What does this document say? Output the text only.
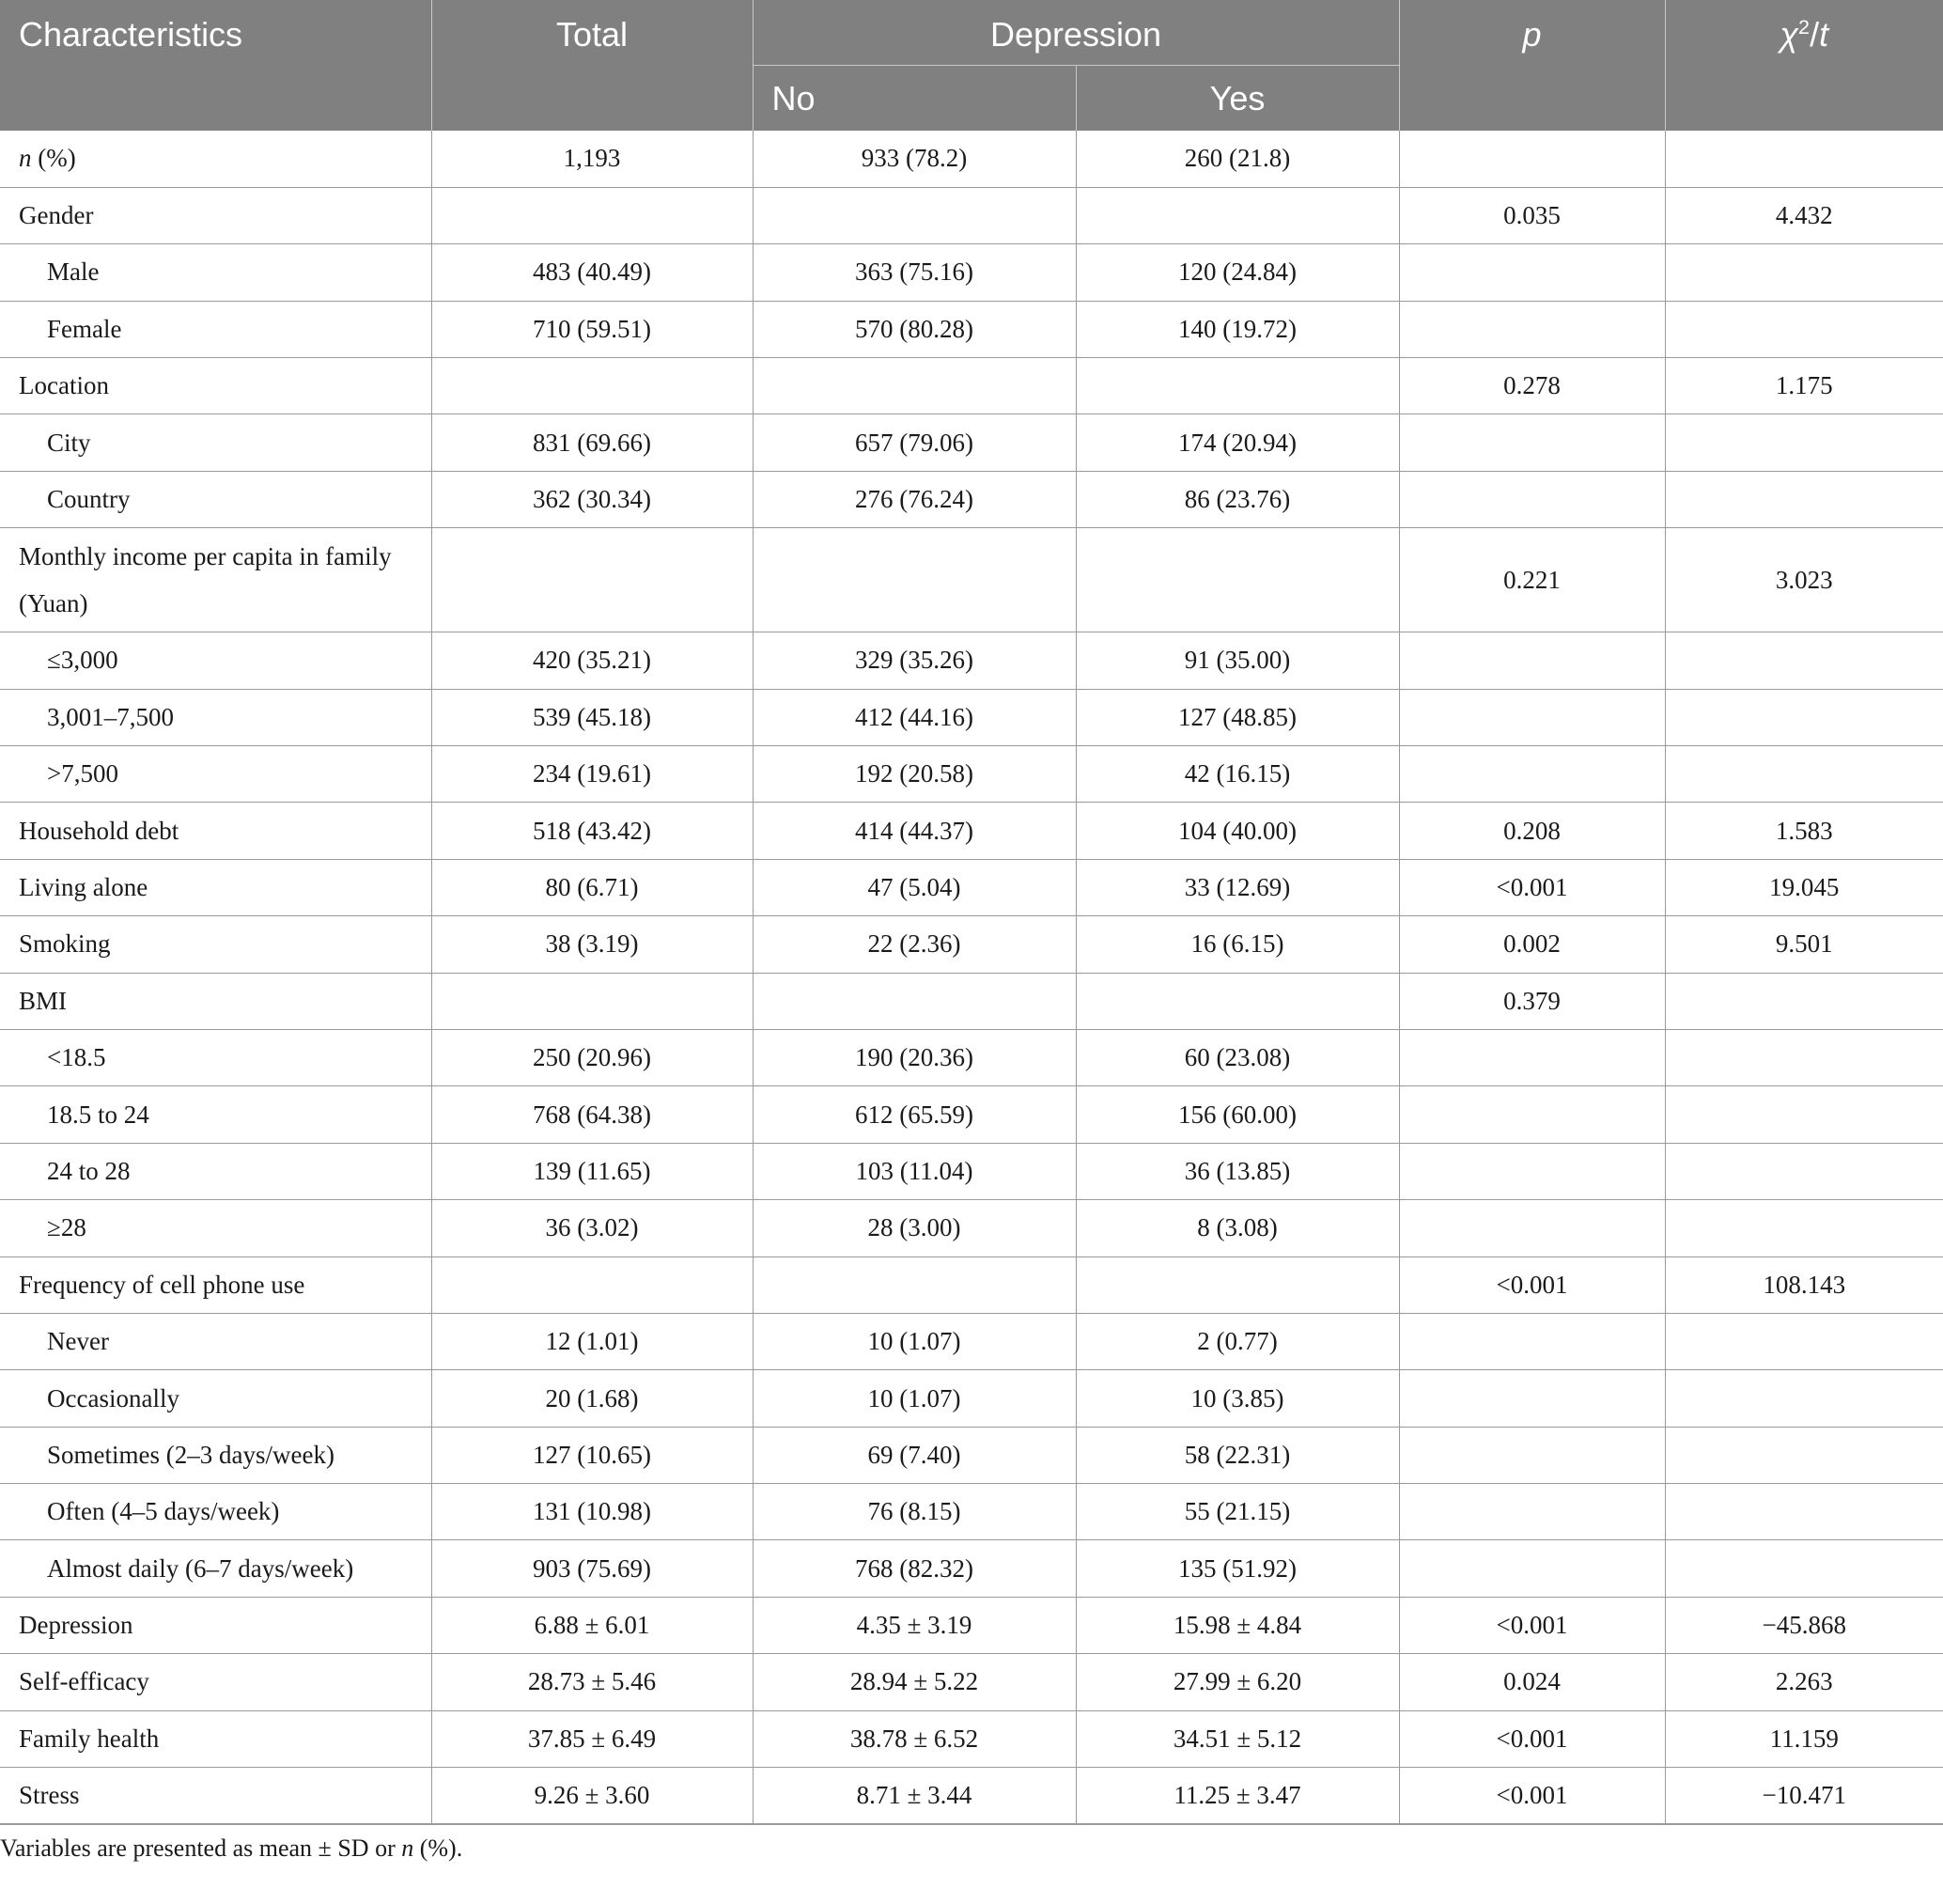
Characteristics	Total	Depression		p	$\chi^2/t$
		No	Yes		
n (%)	1,193	933 (78.2)	260 (21.8)		
Gender				0.035	4.432
Male	483 (40.49)	363 (75.16)	120 (24.84)		
Female	710 (59.51)	570 (80.28)	140 (19.72)		
Location				0.278	1.175
City	831 (69.66)	657 (79.06)	174 (20.94)		
Country	362 (30.34)	276 (76.24)	86 (23.76)		
Monthly income per capita in family (Yuan)				0.221	3.023
≤3,000	420 (35.21)	329 (35.26)	91 (35.00)		
3,001–7,500	539 (45.18)	412 (44.16)	127 (48.85)		
>7,500	234 (19.61)	192 (20.58)	42 (16.15)		
Household debt	518 (43.42)	414 (44.37)	104 (40.00)	0.208	1.583
Living alone	80 (6.71)	47 (5.04)	33 (12.69)	<0.001	19.045
Smoking	38 (3.19)	22 (2.36)	16 (6.15)	0.002	9.501
BMI				0.379	
<18.5	250 (20.96)	190 (20.36)	60 (23.08)		
18.5 to 24	768 (64.38)	612 (65.59)	156 (60.00)		
24 to 28	139 (11.65)	103 (11.04)	36 (13.85)		
≥28	36 (3.02)	28 (3.00)	8 (3.08)		
Frequency of cell phone use				<0.001	108.143
Never	12 (1.01)	10 (1.07)	2 (0.77)		
Occasionally	20 (1.68)	10 (1.07)	10 (3.85)		
Sometimes (2–3 days/week)	127 (10.65)	69 (7.40)	58 (22.31)		
Often (4–5 days/week)	131 (10.98)	76 (8.15)	55 (21.15)		
Almost daily (6–7 days/week)	903 (75.69)	768 (82.32)	135 (51.92)		
Depression	6.88 ± 6.01	4.35 ± 3.19	15.98 ± 4.84	<0.001	−45.868
Self-efficacy	28.73 ± 5.46	28.94 ± 5.22	27.99 ± 6.20	0.024	2.263
Family health	37.85 ± 6.49	38.78 ± 6.52	34.51 ± 5.12	<0.001	11.159
Stress	9.26 ± 3.60	8.71 ± 3.44	11.25 ± 3.47	<0.001	−10.471

Variables are presented as mean ± SD or n (%).
